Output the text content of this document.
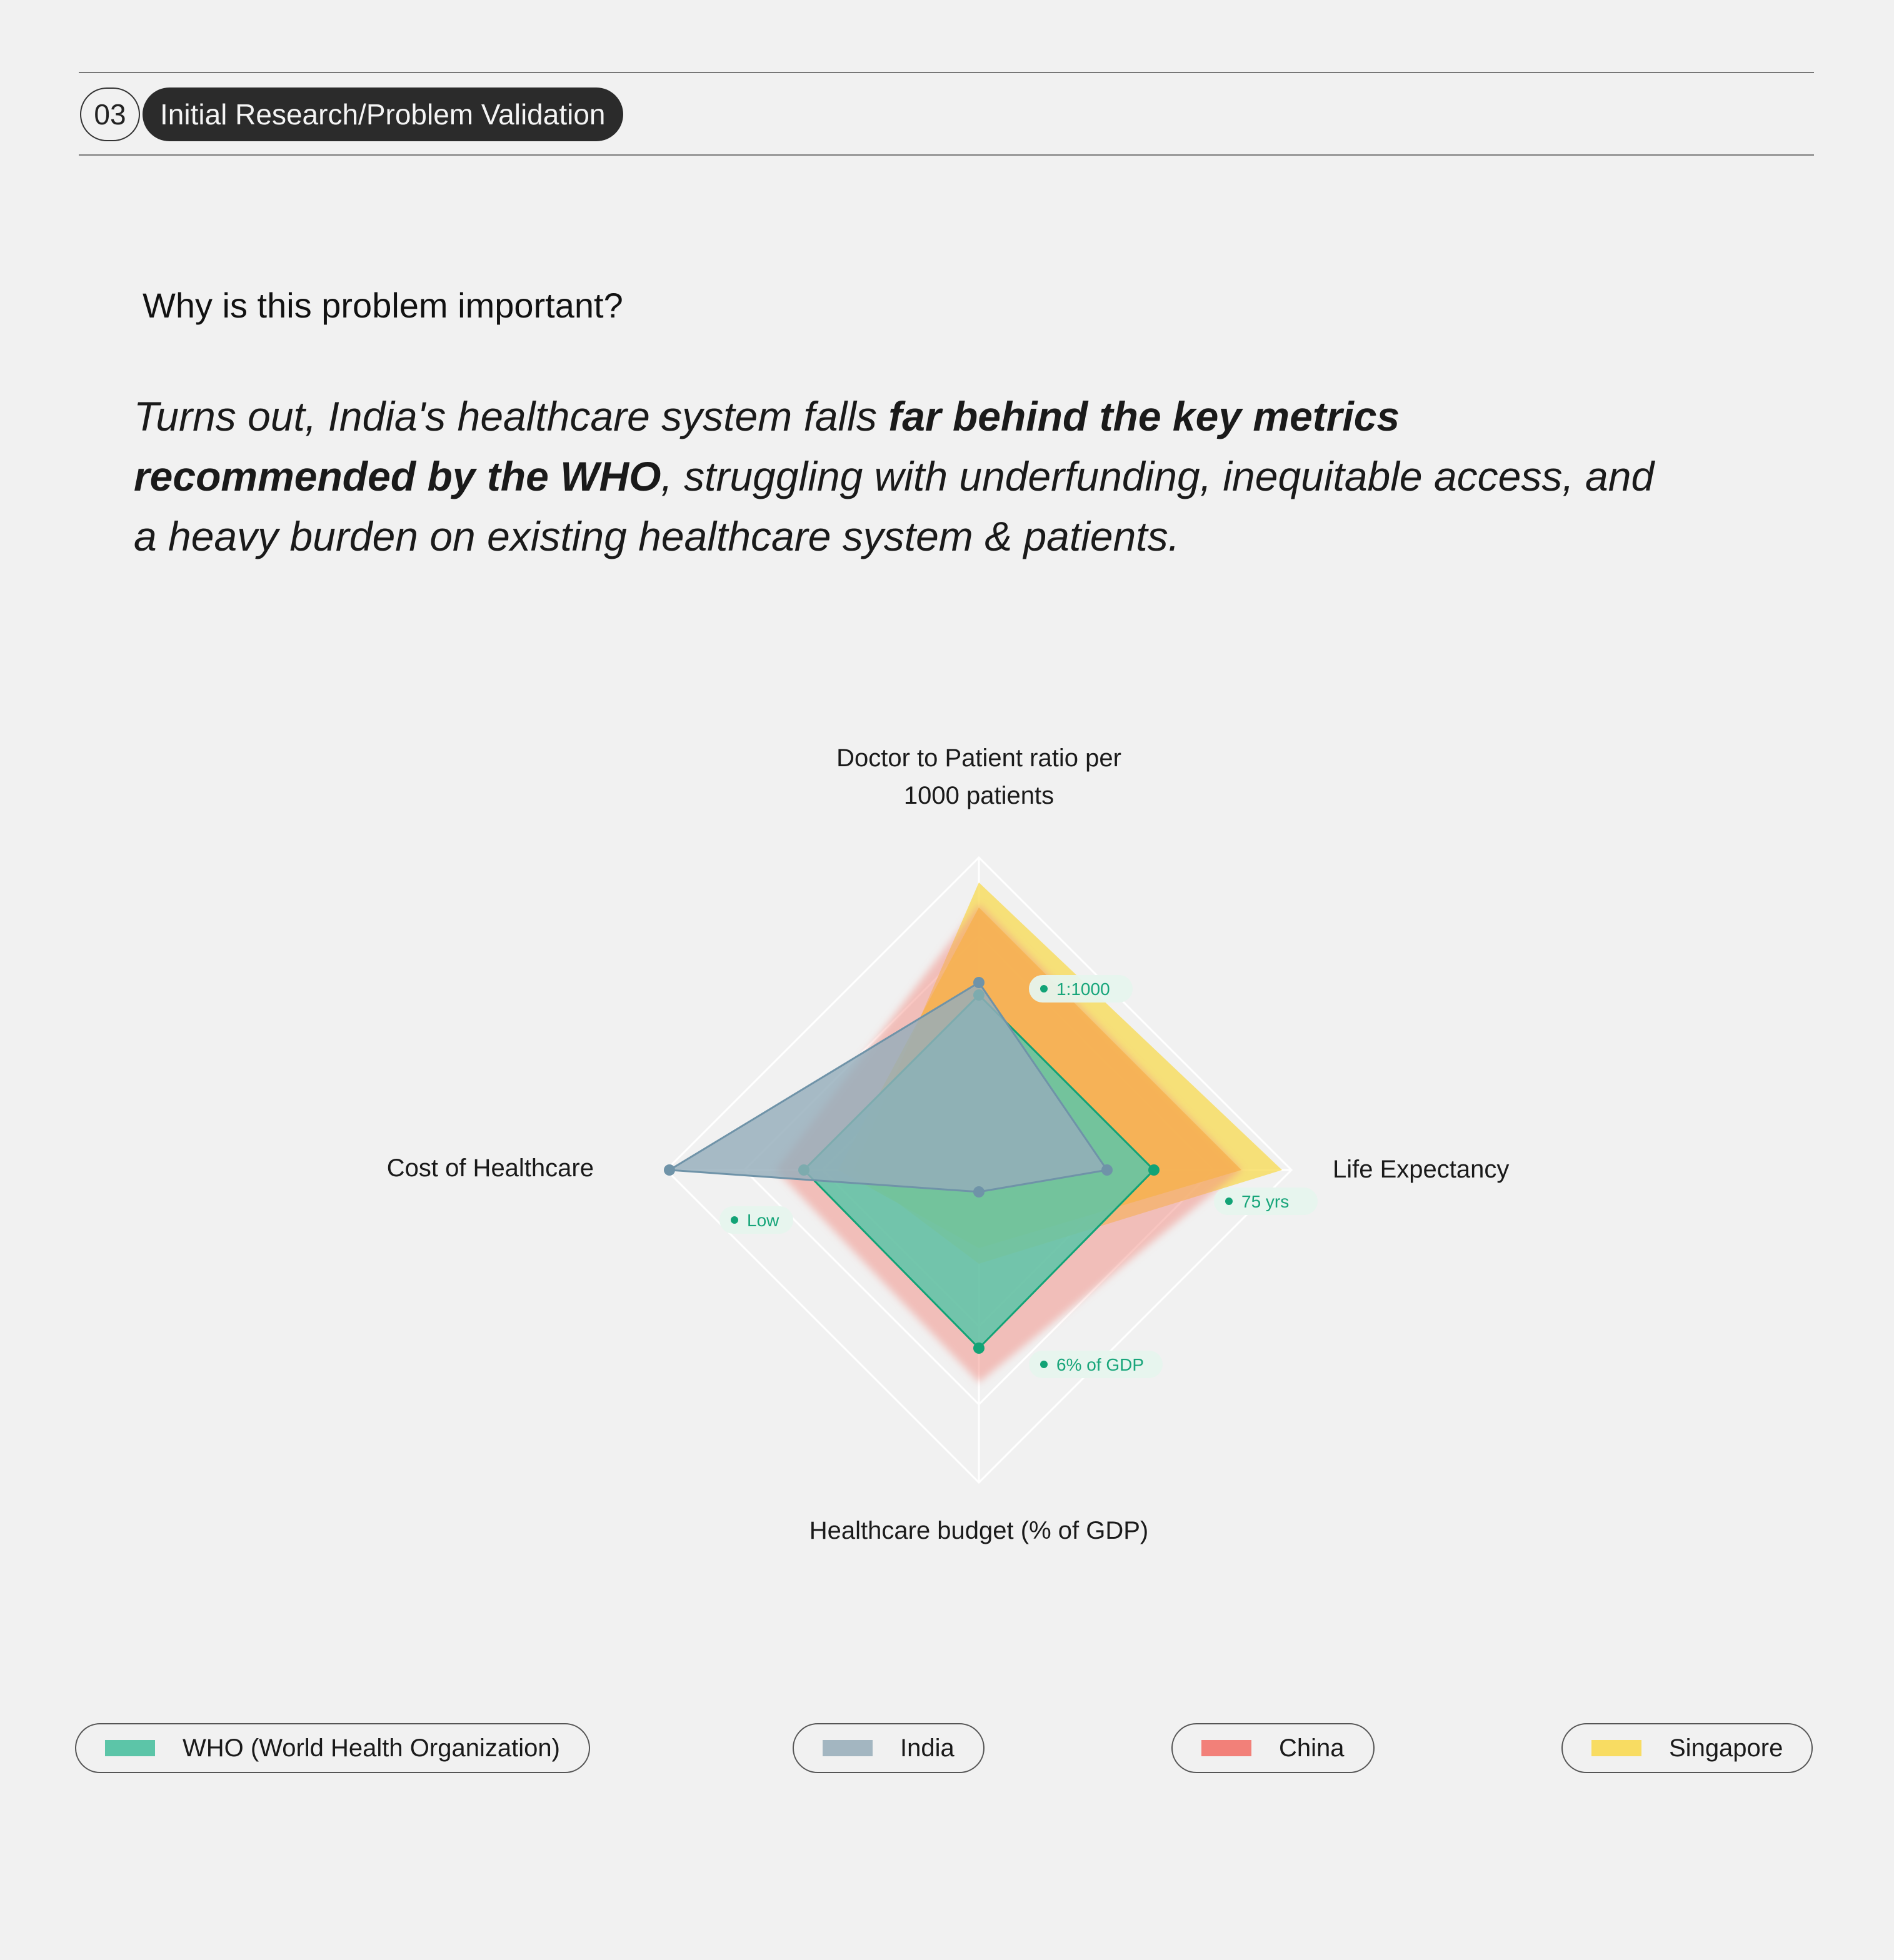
03	Initial Research/Problem Validation
Why is this problem important?
Turns out, India's healthcare system falls far behind the key metrics recommended by the WHO, struggling with underfunding, inequitable access, and a heavy burden on existing healthcare system & patients.
1:1000
75 yrs
6% of GDP
Low
Doctor to Patient ratio per 1000 patients
Life Expectancy
Healthcare budget (% of GDP)
Cost of Healthcare
WHO (World Health Organization)	India	China	Singapore
